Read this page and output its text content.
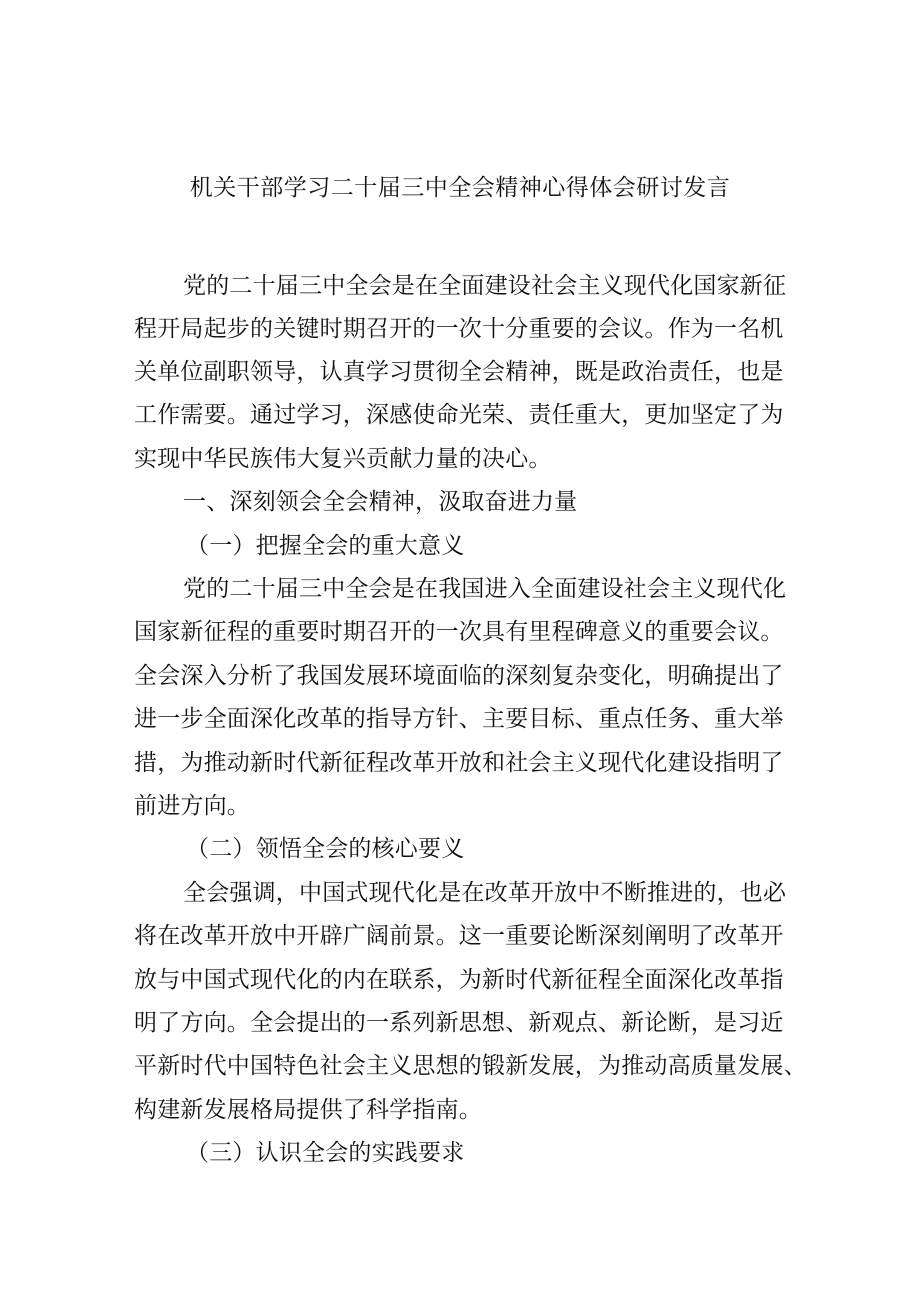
机关干部学习二十届三中全会精神心得体会研讨发言
党的二十届三中全会是在全面建设社会主义现代化国家新征
程开局起步的关键时期召开的一次十分重要的会议。作为一名机
关单位副职领导，认真学习贯彻全会精神，既是政治责任，也是
工作需要。通过学习，深感使命光荣、责任重大，更加坚定了为
实现中华民族伟大复兴贡献力量的决心。
一、深刻领会全会精神，汲取奋进力量
（一）把握全会的重大意义
党的二十届三中全会是在我国进入全面建设社会主义现代化
国家新征程的重要时期召开的一次具有里程碑意义的重要会议。
全会深入分析了我国发展环境面临的深刻复杂变化，明确提出了
进一步全面深化改革的指导方针、主要目标、重点任务、重大举
措，为推动新时代新征程改革开放和社会主义现代化建设指明了
前进方向。
（二）领悟全会的核心要义
全会强调，中国式现代化是在改革开放中不断推进的，也必
将在改革开放中开辟广阔前景。这一重要论断深刻阐明了改革开
放与中国式现代化的内在联系，为新时代新征程全面深化改革指
明了方向。全会提出的一系列新思想、新观点、新论断，是习近
平新时代中国特色社会主义思想的锻新发展，为推动高质量发展、
构建新发展格局提供了科学指南。
（三）认识全会的实践要求
